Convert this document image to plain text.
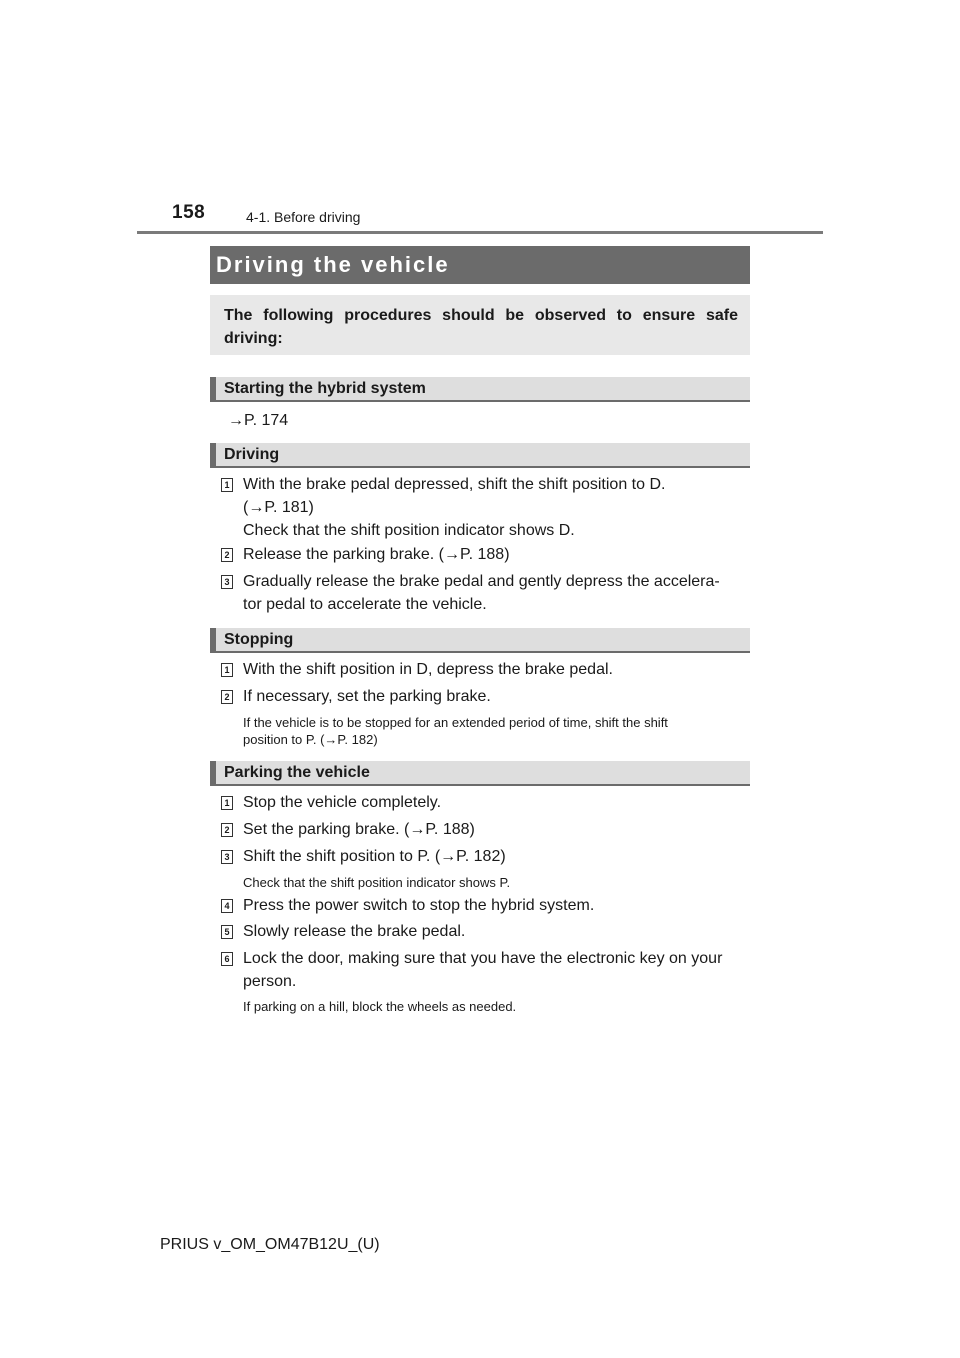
158	4-1. Before driving
Driving the vehicle
The following procedures should be observed to ensure safe driving:
Starting the hybrid system
→P. 174
Driving
1 With the brake pedal depressed, shift the shift position to D.
(→P. 181)
Check that the shift position indicator shows D.
2 Release the parking brake. (→P. 188)
3 Gradually release the brake pedal and gently depress the accelera-
tor pedal to accelerate the vehicle.
Stopping
1 With the shift position in D, depress the brake pedal.
2 If necessary, set the parking brake.
If the vehicle is to be stopped for an extended period of time, shift the shift
position to P. (→P. 182)
Parking the vehicle
1 Stop the vehicle completely.
2 Set the parking brake. (→P. 188)
3 Shift the shift position to P. (→P. 182)
Check that the shift position indicator shows P.
4 Press the power switch to stop the hybrid system.
5 Slowly release the brake pedal.
6 Lock the door, making sure that you have the electronic key on your
person.
If parking on a hill, block the wheels as needed.
PRIUS v_OM_OM47B12U_(U)
